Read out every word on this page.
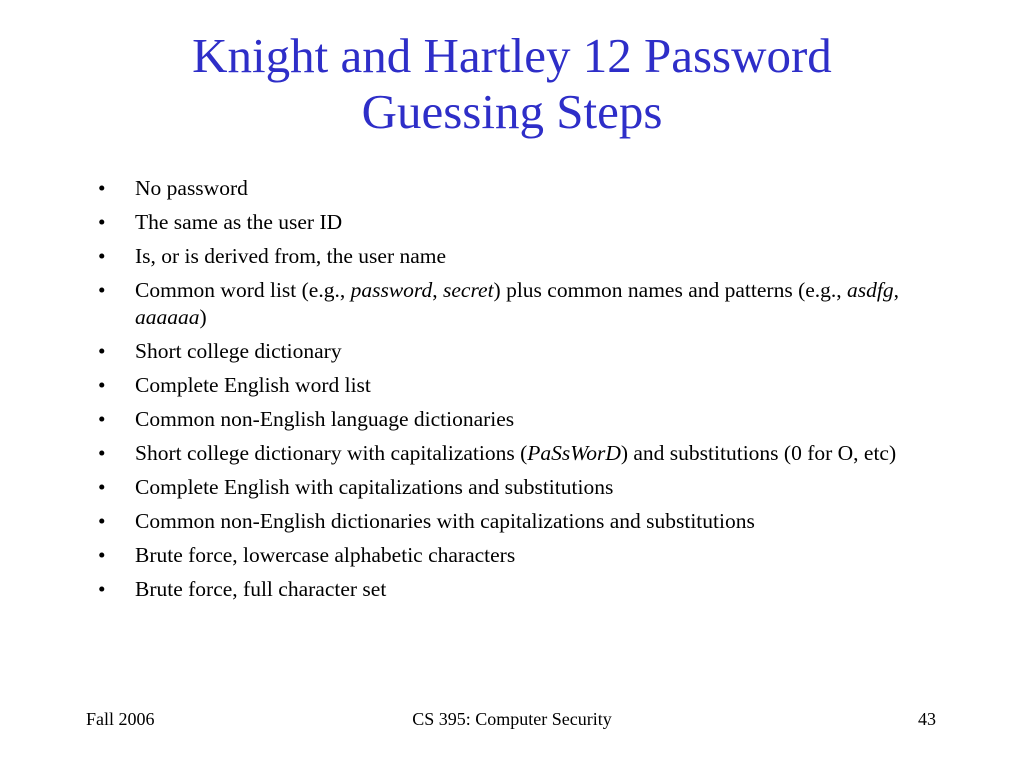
Knight and Hartley 12 Password
Guessing Steps
• No password
• The same as the user ID
• Is, or is derived from, the user name
• Common word list (e.g., password, secret) plus common names and patterns (e.g., asdfg, aaaaaa)
• Short college dictionary
• Complete English word list
• Common non-English language dictionaries
• Short college dictionary with capitalizations (PaSsWorD) and substitutions (0 for O, etc)
• Complete English with capitalizations and substitutions
• Common non-English dictionaries with capitalizations and substitutions
• Brute force, lowercase alphabetic characters
• Brute force, full character set
Fall 2006	CS 395: Computer Security	43
